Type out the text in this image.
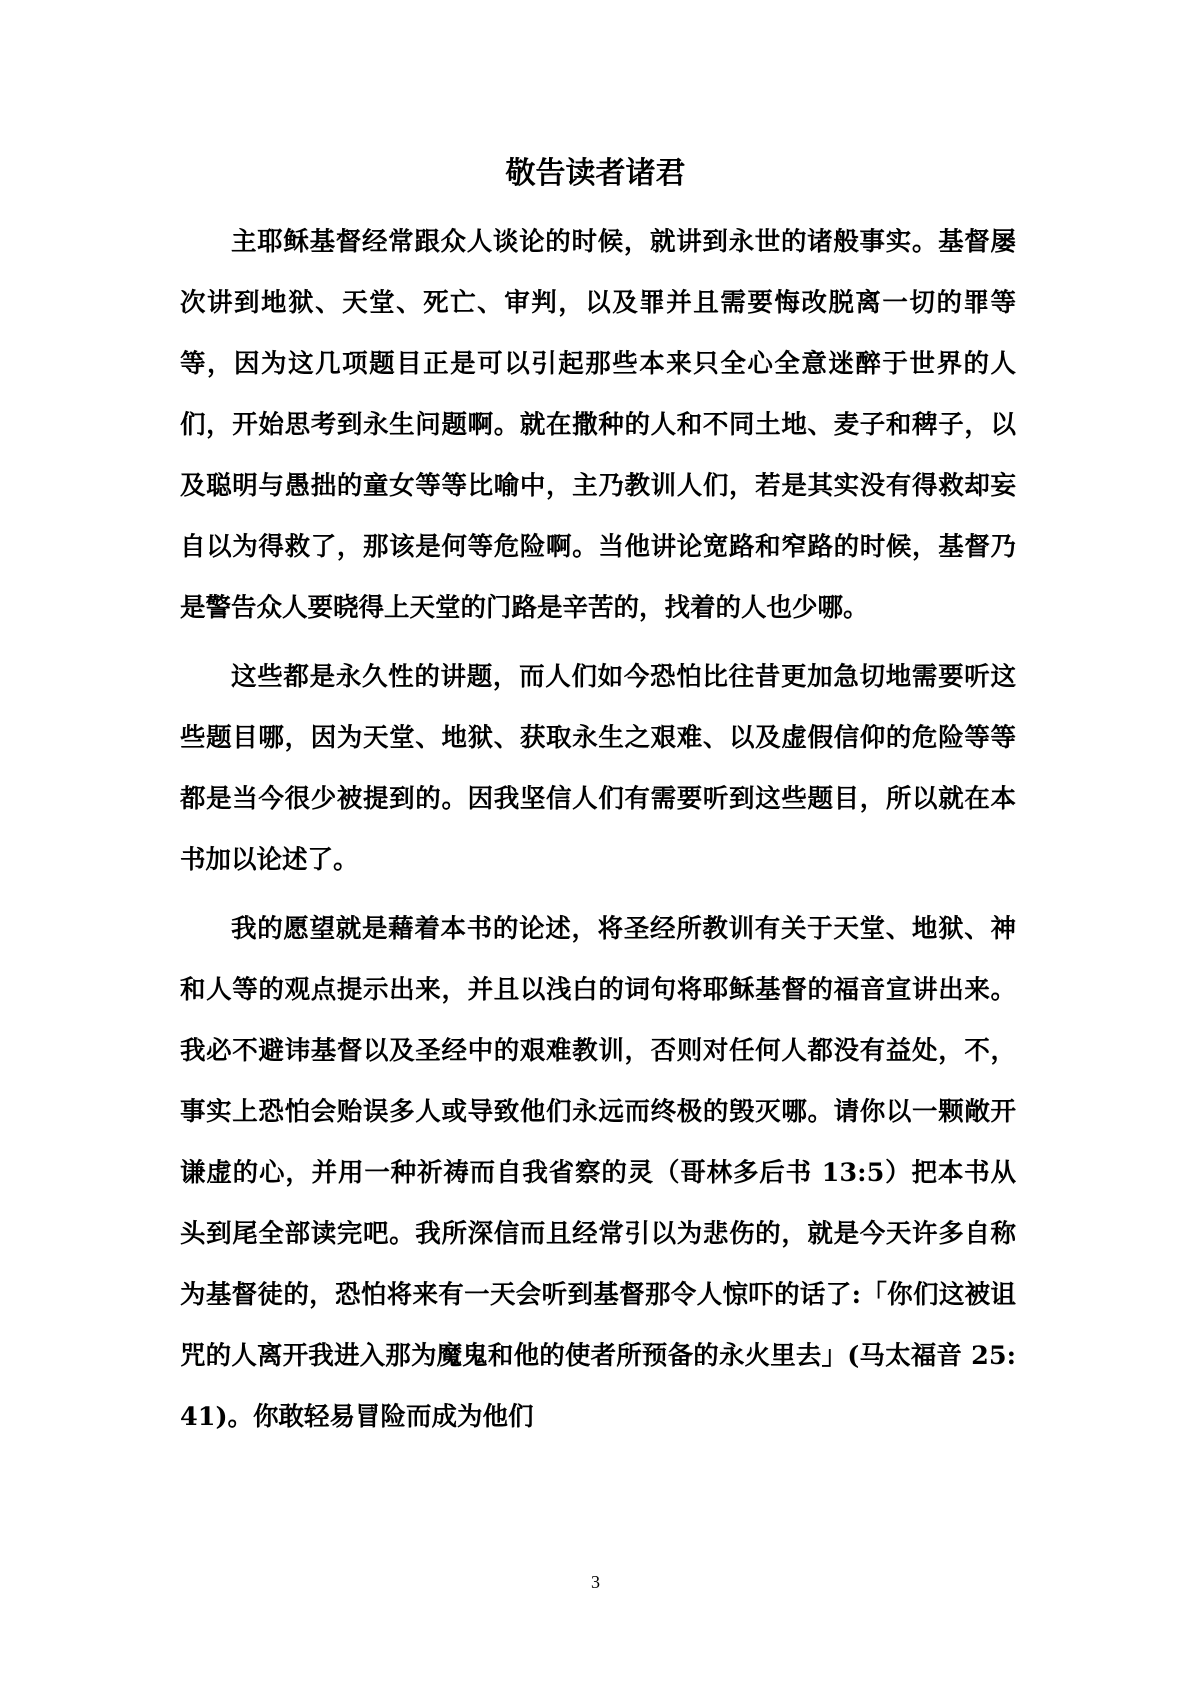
敬告读者诸君

主耶稣基督经常跟众人谈论的时候，就讲到永世的诸般事实。基督屡次讲到地狱、天堂、死亡、审判，以及罪并且需要悔改脱离一切的罪等等，因为这几项题目正是可以引起那些本来只全心全意迷醉于世界的人们，开始思考到永生问题啊。就在撒种的人和不同土地、麦子和稗子，以及聪明与愚拙的童女等等比喻中，主乃教训人们，若是其实没有得救却妄自以为得救了，那该是何等危险啊。当他讲论宽路和窄路的时候，基督乃是警告众人要晓得上天堂的门路是辛苦的，找着的人也少哪。

这些都是永久性的讲题，而人们如今恐怕比往昔更加急切地需要听这些题目哪，因为天堂、地狱、获取永生之艰难、以及虚假信仰的危险等等都是当今很少被提到的。因我坚信人们有需要听到这些题目，所以就在本书加以论述了。

我的愿望就是藉着本书的论述，将圣经所教训有关于天堂、地狱、神和人等的观点提示出来，并且以浅白的词句将耶稣基督的福音宣讲出来。我必不避讳基督以及圣经中的艰难教训，否则对任何人都没有益处，不，事实上恐怕会贻误多人或导致他们永远而终极的毁灭哪。请你以一颗敞开谦虚的心，并用一种祈祷而自我省察的灵（哥林多后书 13:5）把本书从头到尾全部读完吧。我所深信而且经常引以为悲伤的，就是今天许多自称为基督徒的，恐怕将来有一天会听到基督那令人惊吓的话了:「你们这被诅咒的人离开我进入那为魔鬼和他的使者所预备的永火里去」(马太福音 25:41)。你敢轻易冒险而成为他们

3
